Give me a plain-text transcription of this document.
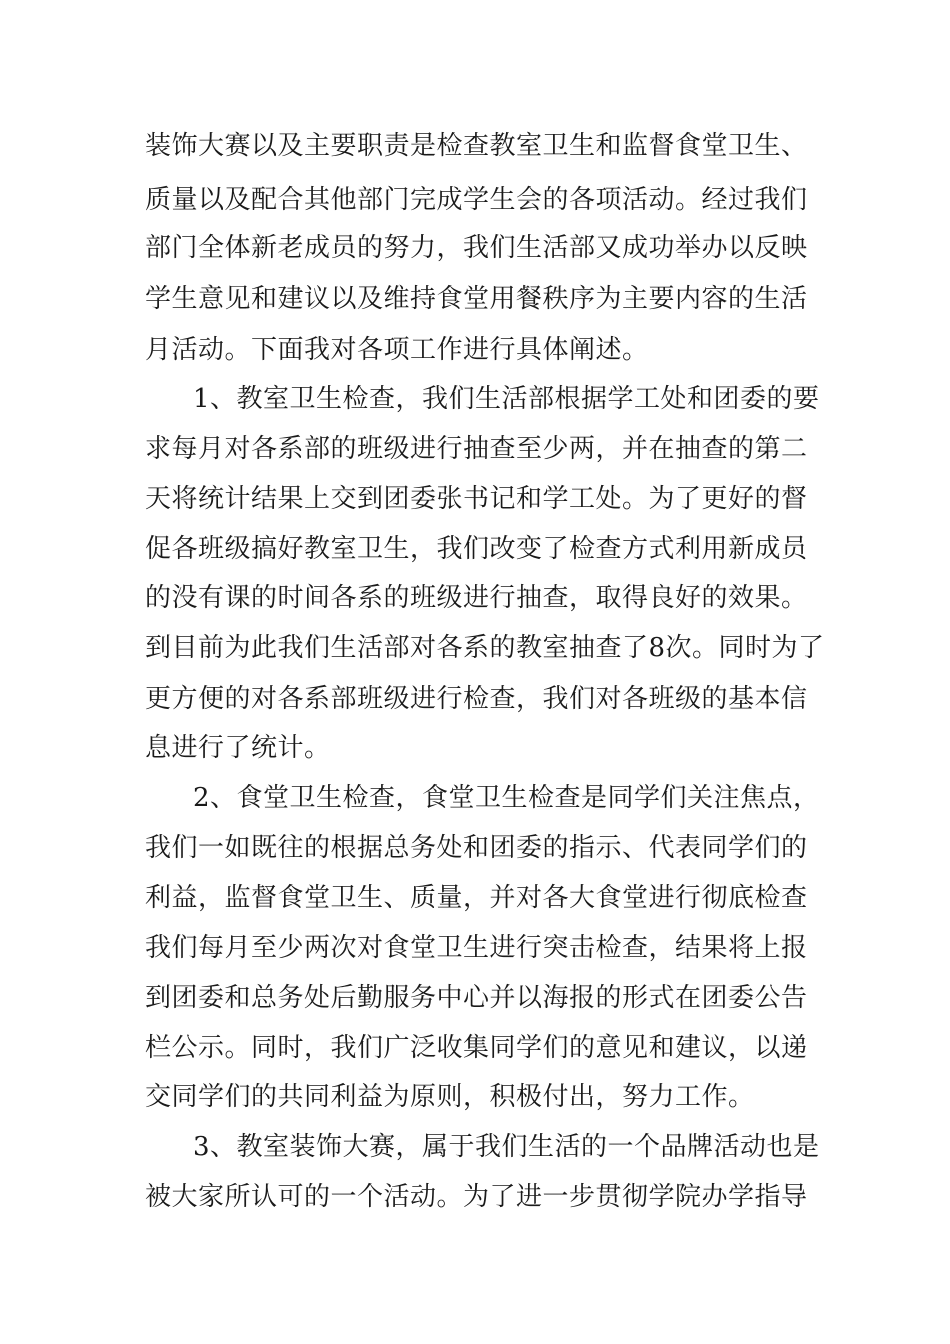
装饰大赛以及主要职责是检查教室卫生和监督食堂卫生、
质量以及配合其他部门完成学生会的各项活动。经过我们
部门全体新老成员的努力，我们生活部又成功举办以反映
学生意见和建议以及维持食堂用餐秩序为主要内容的生活
月活动。下面我对各项工作进行具体阐述。
1、教室卫生检查，我们生活部根据学工处和团委的要
求每月对各系部的班级进行抽查至少两，并在抽查的第二
天将统计结果上交到团委张书记和学工处。为了更好的督
促各班级搞好教室卫生，我们改变了检查方式利用新成员
的没有课的时间各系的班级进行抽查，取得良好的效果。
到目前为此我们生活部对各系的教室抽查了8次。同时为了
更方便的对各系部班级进行检查，我们对各班级的基本信
息进行了统计。
2、食堂卫生检查，食堂卫生检查是同学们关注焦点，
我们一如既往的根据总务处和团委的指示、代表同学们的
利益，监督食堂卫生、质量，并对各大食堂进行彻底检查
我们每月至少两次对食堂卫生进行突击检查，结果将上报
到团委和总务处后勤服务中心并以海报的形式在团委公告
栏公示。同时，我们广泛收集同学们的意见和建议，以递
交同学们的共同利益为原则，积极付出，努力工作。
3、教室装饰大赛，属于我们生活的一个品牌活动也是
被大家所认可的一个活动。为了进一步贯彻学院办学指导
